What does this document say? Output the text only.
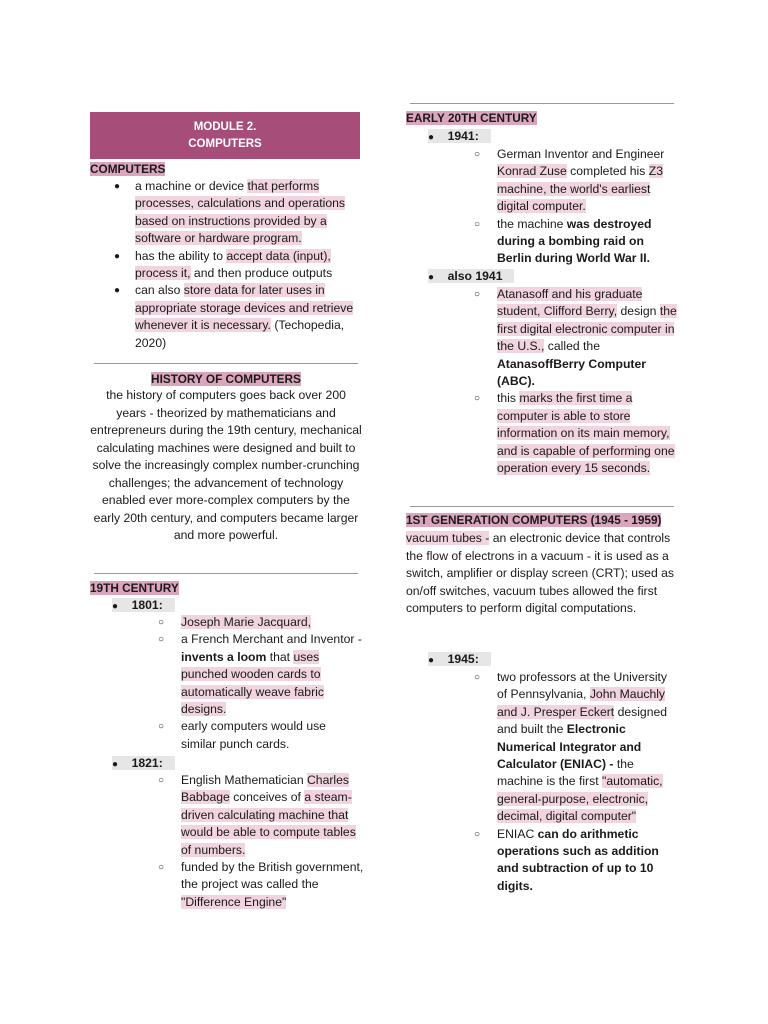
MODULE 2.
COMPUTERS
COMPUTERS
● a machine or device that performs processes, calculations and operations based on instructions provided by a software or hardware program.
● has the ability to accept data (input), process it, and then produce outputs
● can also store data for later uses in appropriate storage devices and retrieve whenever it is necessary. (Techopedia, 2020)
HISTORY OF COMPUTERS
the history of computers goes back over 200 years - theorized by mathematicians and entrepreneurs during the 19th century, mechanical calculating machines were designed and built to solve the increasingly complex number-crunching challenges; the advancement of technology enabled ever more-complex computers by the early 20th century, and computers became larger and more powerful.
19TH CENTURY
● 1801:
○ Joseph Marie Jacquard,
○ a French Merchant and Inventor - invents a loom that uses punched wooden cards to automatically weave fabric designs.
○ early computers would use similar punch cards.
● 1821:
○ English Mathematician Charles Babbage conceives of a steam-driven calculating machine that would be able to compute tables of numbers.
○ funded by the British government, the project was called the "Difference Engine"
EARLY 20TH CENTURY
● 1941:
○ German Inventor and Engineer Konrad Zuse completed his Z3 machine, the world's earliest digital computer.
○ the machine was destroyed during a bombing raid on Berlin during World War II.
● also 1941
○ Atanasoff and his graduate student, Clifford Berry, design the first digital electronic computer in the U.S., called the AtanasoffBerry Computer (ABC).
○ this marks the first time a computer is able to store information on its main memory, and is capable of performing one operation every 15 seconds.
1ST GENERATION COMPUTERS (1945 - 1959)
vacuum tubes - an electronic device that controls the flow of electrons in a vacuum - it is used as a switch, amplifier or display screen (CRT); used as on/off switches, vacuum tubes allowed the first computers to perform digital computations.
● 1945:
○ two professors at the University of Pennsylvania, John Mauchly and J. Presper Eckert designed and built the Electronic Numerical Integrator and Calculator (ENIAC) - the machine is the first "automatic, general-purpose, electronic, decimal, digital computer"
○ ENIAC can do arithmetic operations such as addition and subtraction of up to 10 digits.
